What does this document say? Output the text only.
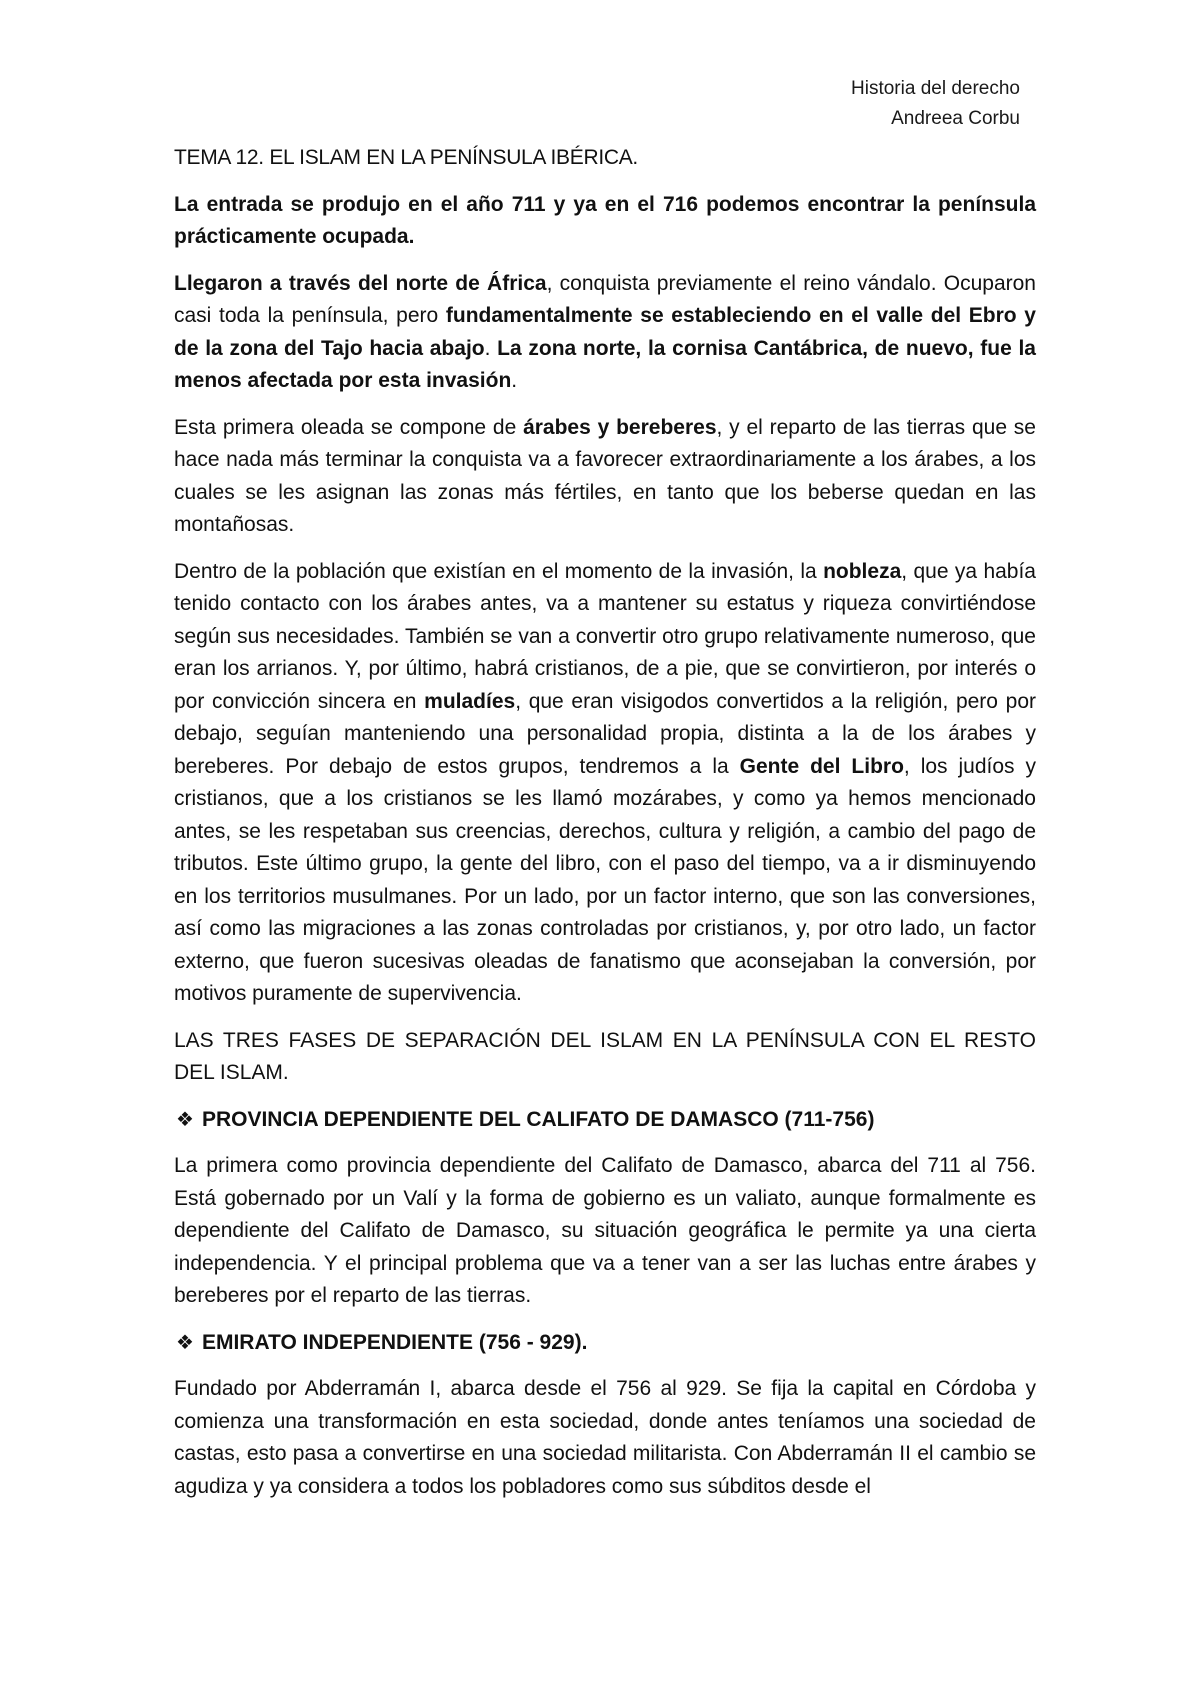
Historia del derecho
Andreea Corbu

TEMA 12. EL ISLAM EN LA PENÍNSULA IBÉRICA.

La entrada se produjo en el año 711 y ya en el 716 podemos encontrar la península prácticamente ocupada.

Llegaron a través del norte de África, conquista previamente el reino vándalo. Ocuparon casi toda la península, pero fundamentalmente se estableciendo en el valle del Ebro y de la zona del Tajo hacia abajo. La zona norte, la cornisa Cantábrica, de nuevo, fue la menos afectada por esta invasión.

Esta primera oleada se compone de árabes y bereberes, y el reparto de las tierras que se hace nada más terminar la conquista va a favorecer extraordinariamente a los árabes, a los cuales se les asignan las zonas más fértiles, en tanto que los beberse quedan en las montañosas.

Dentro de la población que existían en el momento de la invasión, la nobleza, que ya había tenido contacto con los árabes antes, va a mantener su estatus y riqueza convirtiéndose según sus necesidades. También se van a convertir otro grupo relativamente numeroso, que eran los arrianos. Y, por último, habrá cristianos, de a pie, que se convirtieron, por interés o por convicción sincera en muladíes, que eran visigodos convertidos a la religión, pero por debajo, seguían manteniendo una personalidad propia, distinta a la de los árabes y bereberes. Por debajo de estos grupos, tendremos a la Gente del Libro, los judíos y cristianos, que a los cristianos se les llamó mozárabes, y como ya hemos mencionado antes, se les respetaban sus creencias, derechos, cultura y religión, a cambio del pago de tributos. Este último grupo, la gente del libro, con el paso del tiempo, va a ir disminuyendo en los territorios musulmanes. Por un lado, por un factor interno, que son las conversiones, así como las migraciones a las zonas controladas por cristianos, y, por otro lado, un factor externo, que fueron sucesivas oleadas de fanatismo que aconsejaban la conversión, por motivos puramente de supervivencia.

LAS TRES FASES DE SEPARACIÓN DEL ISLAM EN LA PENÍNSULA CON EL RESTO DEL ISLAM.

❖ PROVINCIA DEPENDIENTE DEL CALIFATO DE DAMASCO (711-756)

La primera como provincia dependiente del Califato de Damasco, abarca del 711 al 756. Está gobernado por un Valí y la forma de gobierno es un valiato, aunque formalmente es dependiente del Califato de Damasco, su situación geográfica le permite ya una cierta independencia. Y el principal problema que va a tener van a ser las luchas entre árabes y bereberes por el reparto de las tierras.

❖ EMIRATO INDEPENDIENTE (756 - 929).

Fundado por Abderramán I, abarca desde el 756 al 929. Se fija la capital en Córdoba y comienza una transformación en esta sociedad, donde antes teníamos una sociedad de castas, esto pasa a convertirse en una sociedad militarista. Con Abderramán II el cambio se agudiza y ya considera a todos los pobladores como sus súbditos desde el
